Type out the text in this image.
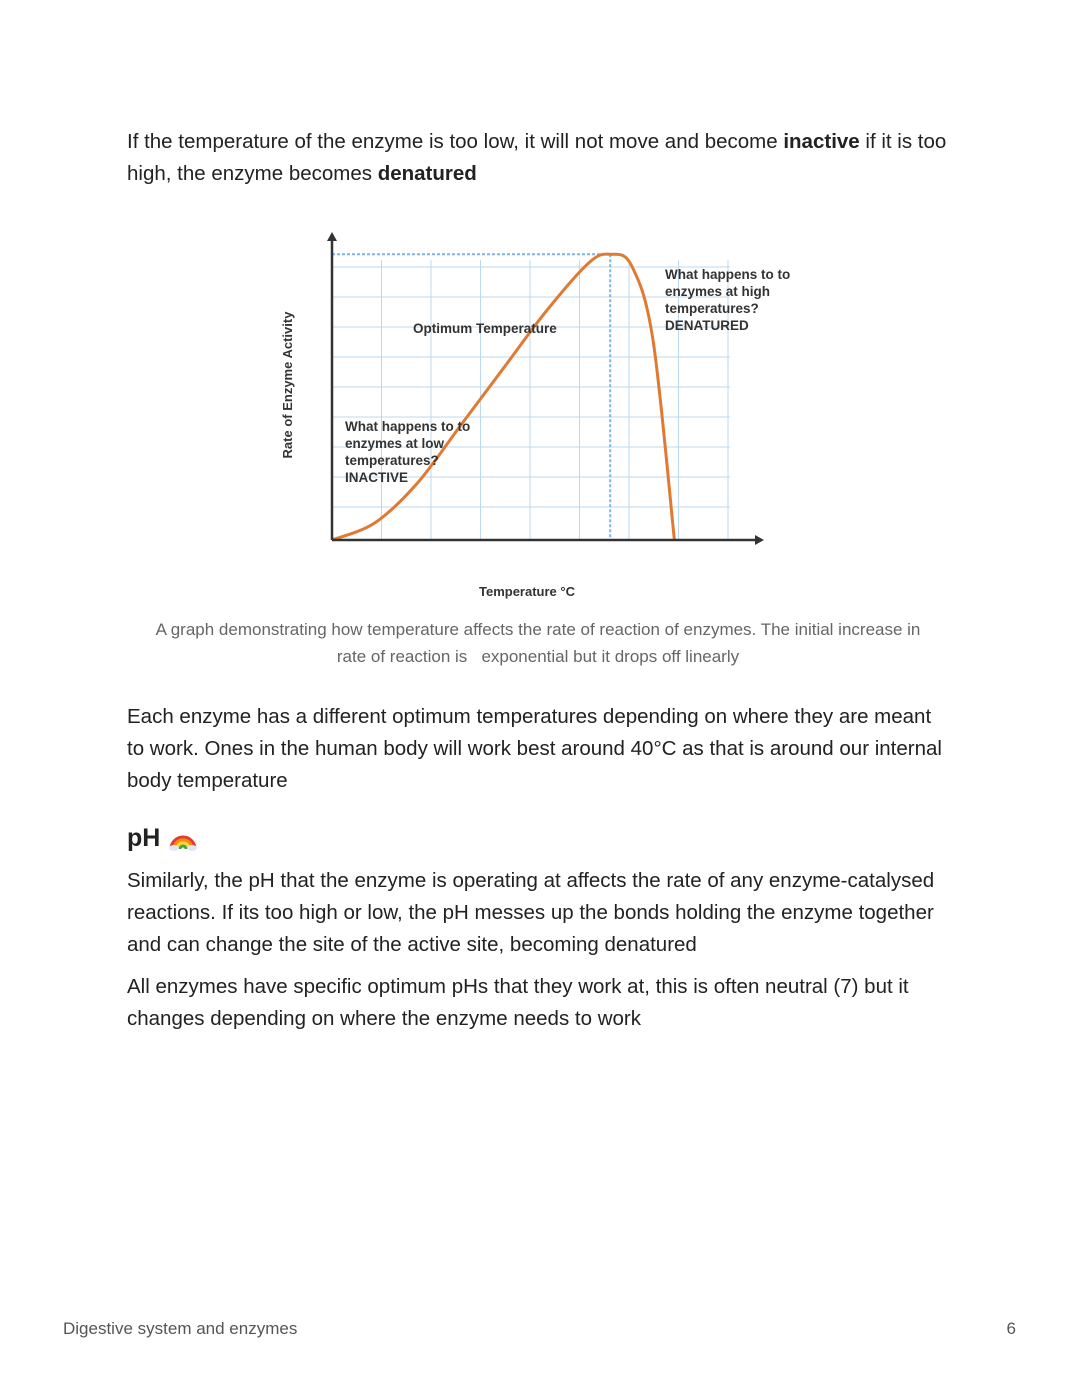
If the temperature of the enzyme is too low, it will not move and become inactive if it is too high, the enzyme becomes denatured

Optimum Temperature
What happens to to
enzymes at low
temperatures?
INACTIVE
What happens to to
enzymes at high
temperatures?
DENATURED
Rate of Enzyme Activity
Temperature °C
A graph demonstrating how temperature affects the rate of reaction of enzymes. The initial increase in
rate of reaction is   exponential but it drops off linearly

Each enzyme has a different optimum temperatures depending on where they are meant to work. Ones in the human body will work best around 40°C as that is around our internal body temperature

pH

Similarly, the pH that the enzyme is operating at affects the rate of any enzyme-catalysed reactions. If its too high or low, the pH messes up the bonds holding the enzyme together and can change the site of the active site, becoming denatured

All enzymes have specific optimum pHs that they work at, this is often neutral (7) but it changes depending on where the enzyme needs to work

Digestive system and enzymes	6
